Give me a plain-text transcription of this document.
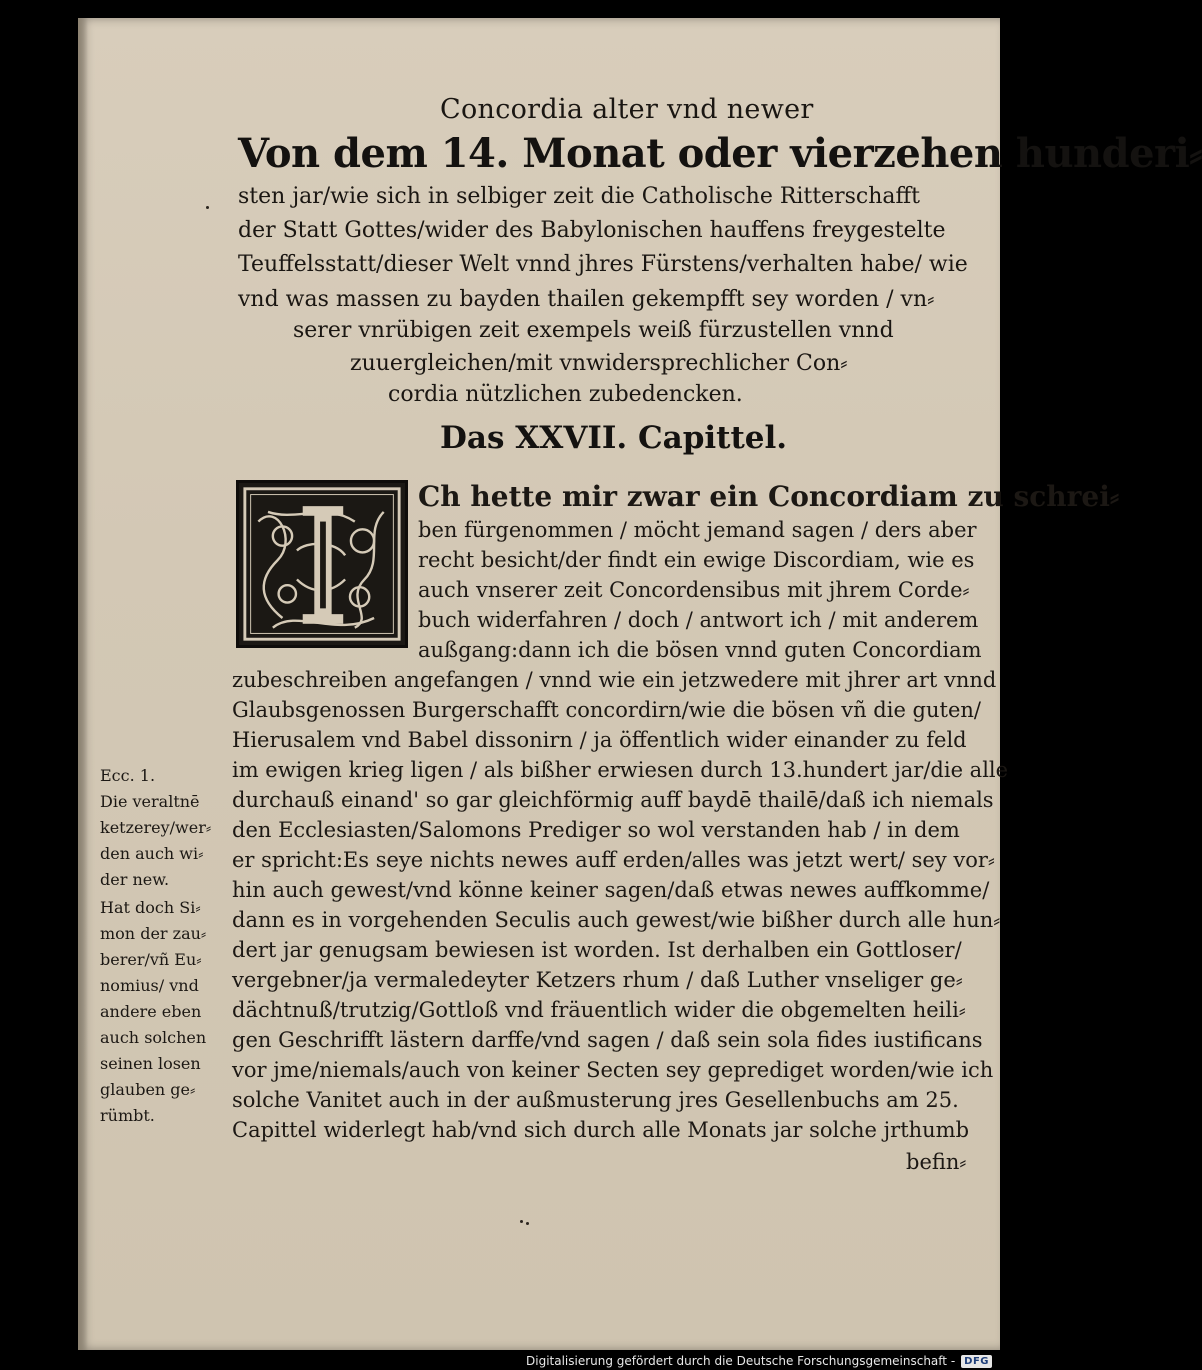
Concordia alter vnd newer
Von dem 14. Monat oder vierzehen hunderi⸗
sten jar/wie sich in selbiger zeit die Catholische Ritterschafft
der Statt Gottes/wider des Babylonischen hauffens freygestelte
Teuffelsstatt/dieser Welt vnnd jhres Fürstens/verhalten habe/ wie
vnd was massen zu bayden thailen gekempfft sey worden / vn⸗
serer vnrübigen zeit exempels weiß fürzustellen vnnd
zuuergleichen/mit vnwidersprechlicher Con⸗
cordia nützlichen zubedencken.
Das XXVII. Capittel.
Ch hette mir zwar ein Concordiam zu schrei⸗
ben fürgenommen / möcht jemand sagen / ders aber
recht besicht/der findt ein ewige Discordiam, wie es
auch vnserer zeit Concordensibus mit jhrem Corde⸗
buch widerfahren / doch / antwort ich / mit anderem
außgang:dann ich die bösen vnnd guten Concordiam
zubeschreiben angefangen / vnnd wie ein jetzwedere mit jhrer art vnnd
Glaubsgenossen Burgerschafft concordirn/wie die bösen vñ die guten/
Hierusalem vnd Babel dissonirn / ja öffentlich wider einander zu feld
im ewigen krieg ligen / als bißher erwiesen durch 13.hundert jar/die alle
durchauß einand' so gar gleichförmig auff baydē thailē/daß ich niemals
den Ecclesiasten/Salomons Prediger so wol verstanden hab / in dem
er spricht:Es seye nichts newes auff erden/alles was jetzt wert/ sey vor⸗
hin auch gewest/vnd könne keiner sagen/daß etwas newes auffkomme/
dann es in vorgehenden Seculis auch gewest/wie bißher durch alle hun⸗
dert jar genugsam bewiesen ist worden. Ist derhalben ein Gottloser/
vergebner/ja vermaledeyter Ketzers rhum / daß Luther vnseliger ge⸗
dächtnuß/trutzig/Gottloß vnd fräuentlich wider die obgemelten heili⸗
gen Geschrifft lästern darffe/vnd sagen / daß sein sola fides iustificans
vor jme/niemals/auch von keiner Secten sey geprediget worden/wie ich
solche Vanitet auch in der außmusterung jres Gesellenbuchs am 25.
Capittel widerlegt hab/vnd sich durch alle Monats jar solche jrthumb
befin⸗
Ecc. 1.
Die veraltnē
ketzerey/wer⸗
den auch wi⸗
der new.
Hat doch Si⸗
mon der zau⸗
berer/vñ Eu⸗
nomius/ vnd
andere eben
auch solchen
seinen losen
glauben ge⸗
rümbt.
Digitalisierung gefördert durch die Deutsche Forschungsgemeinschaft - DFG
